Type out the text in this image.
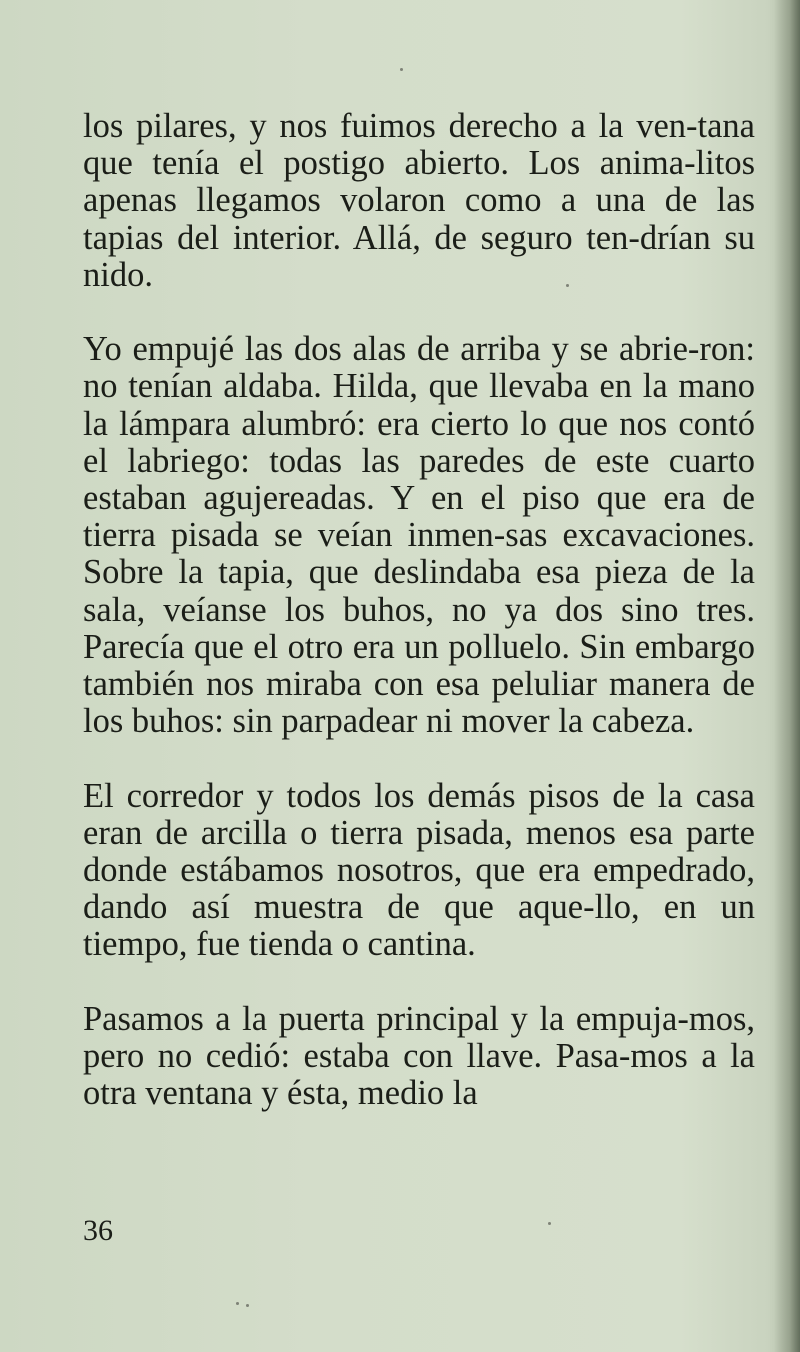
los pilares, y nos fuimos derecho a la ven-tana que tenía el postigo abierto. Los anima-litos apenas llegamos volaron como a una de las tapias del interior. Allá, de seguro ten-drían su nido.

Yo empujé las dos alas de arriba y se abrie-ron: no tenían aldaba. Hilda, que llevaba en la mano la lámpara alumbró: era cierto lo que nos contó el labriego: todas las paredes de este cuarto estaban agujereadas. Y en el piso que era de tierra pisada se veían inmen-sas excavaciones. Sobre la tapia, que deslindaba esa pieza de la sala, veíanse los buhos, no ya dos sino tres. Parecía que el otro era un polluelo. Sin embargo también nos miraba con esa peluliar manera de los buhos: sin parpadear ni mover la cabeza.

El corredor y todos los demás pisos de la casa eran de arcilla o tierra pisada, menos esa parte donde estábamos nosotros, que era empedrado, dando así muestra de que aque-llo, en un tiempo, fue tienda o cantina.

Pasamos a la puerta principal y la empuja-mos, pero no cedió: estaba con llave. Pasa-mos a la otra ventana y ésta, medio la

36
